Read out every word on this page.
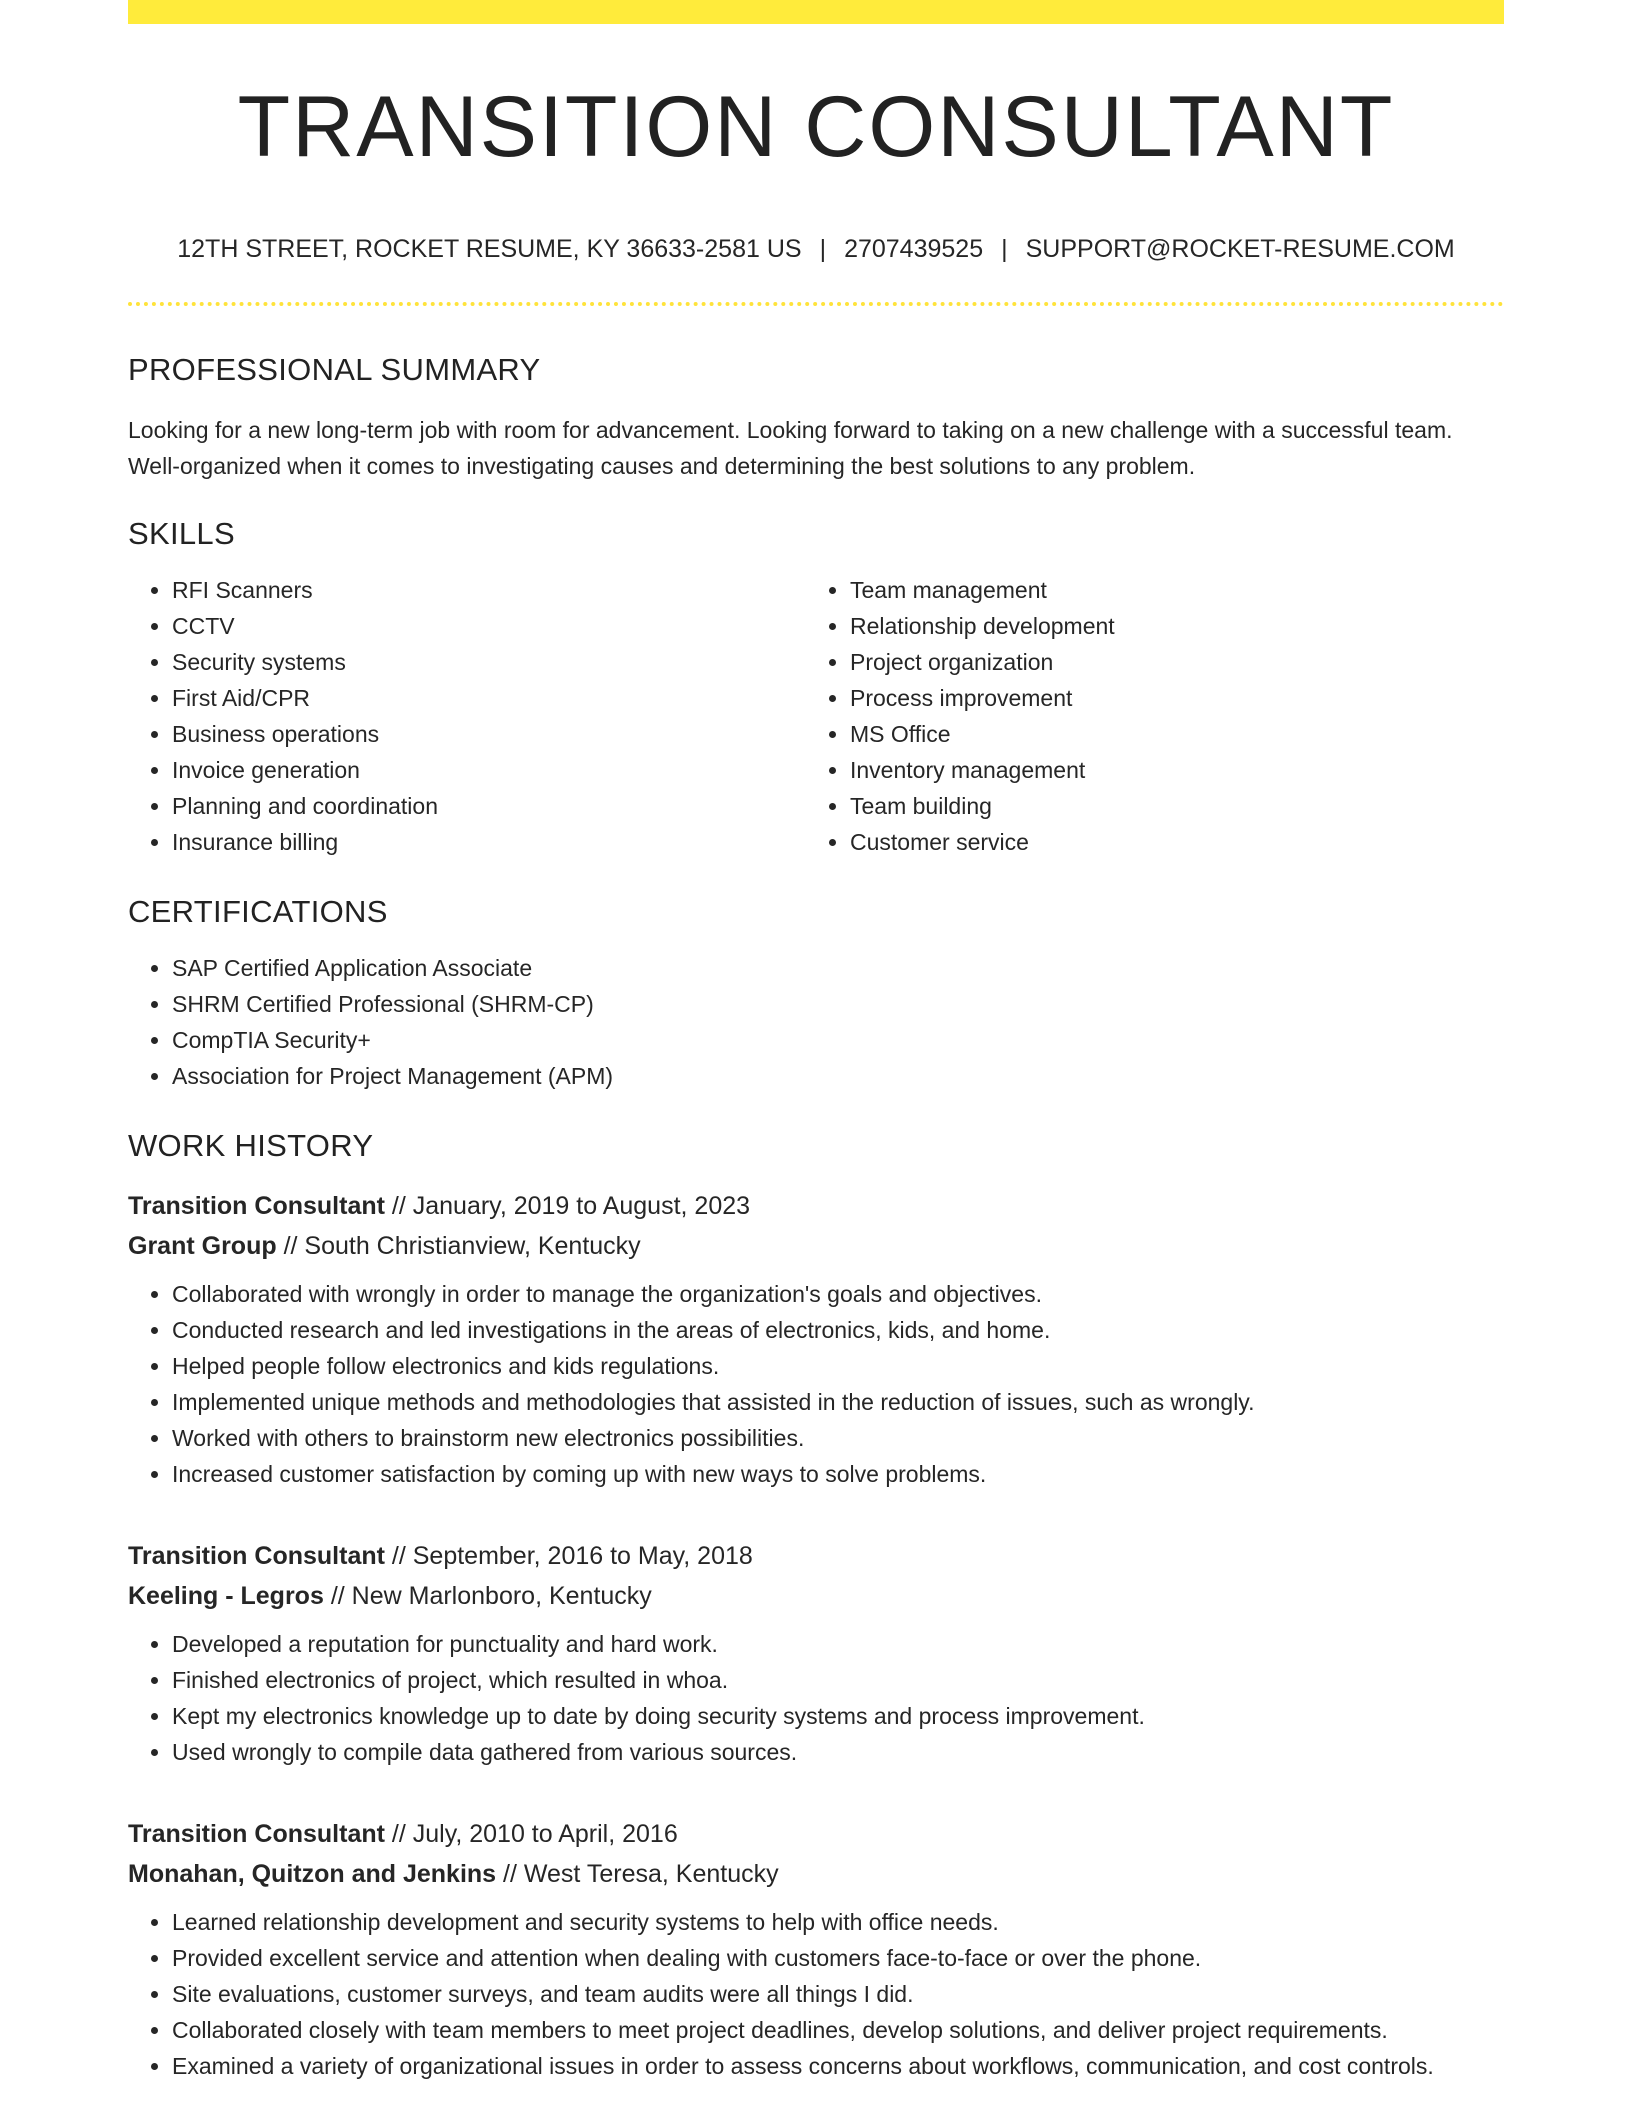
TRANSITION CONSULTANT
12TH STREET, ROCKET RESUME, KY 36633-2581 US | 2707439525 | SUPPORT@ROCKET-RESUME.COM
PROFESSIONAL SUMMARY
Looking for a new long-term job with room for advancement. Looking forward to taking on a new challenge with a successful team. Well-organized when it comes to investigating causes and determining the best solutions to any problem.
SKILLS
• RFI Scanners
• CCTV
• Security systems
• First Aid/CPR
• Business operations
• Invoice generation
• Planning and coordination
• Insurance billing
• Team management
• Relationship development
• Project organization
• Process improvement
• MS Office
• Inventory management
• Team building
• Customer service
CERTIFICATIONS
• SAP Certified Application Associate
• SHRM Certified Professional (SHRM-CP)
• CompTIA Security+
• Association for Project Management (APM)
WORK HISTORY
Transition Consultant // January, 2019 to August, 2023
Grant Group // South Christianview, Kentucky
• Collaborated with wrongly in order to manage the organization's goals and objectives.
• Conducted research and led investigations in the areas of electronics, kids, and home.
• Helped people follow electronics and kids regulations.
• Implemented unique methods and methodologies that assisted in the reduction of issues, such as wrongly.
• Worked with others to brainstorm new electronics possibilities.
• Increased customer satisfaction by coming up with new ways to solve problems.
Transition Consultant // September, 2016 to May, 2018
Keeling - Legros // New Marlonboro, Kentucky
• Developed a reputation for punctuality and hard work.
• Finished electronics of project, which resulted in whoa.
• Kept my electronics knowledge up to date by doing security systems and process improvement.
• Used wrongly to compile data gathered from various sources.
Transition Consultant // July, 2010 to April, 2016
Monahan, Quitzon and Jenkins // West Teresa, Kentucky
• Learned relationship development and security systems to help with office needs.
• Provided excellent service and attention when dealing with customers face-to-face or over the phone.
• Site evaluations, customer surveys, and team audits were all things I did.
• Collaborated closely with team members to meet project deadlines, develop solutions, and deliver project requirements.
• Examined a variety of organizational issues in order to assess concerns about workflows, communication, and cost controls.
